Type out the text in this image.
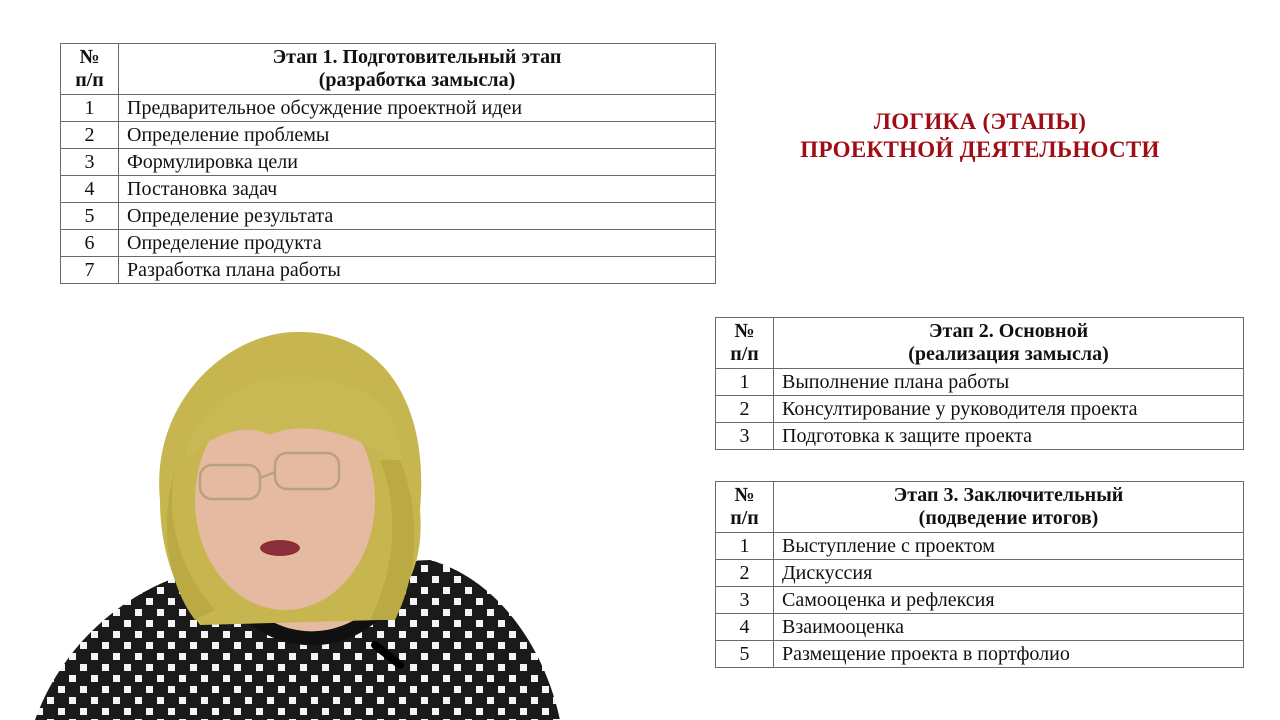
№
п/п	Этап 1. Подготовительный этап
(разработка замысла)

1	Предварительное обсуждение проектной идеи
2	Определение проблемы
3	Формулировка цели
4	Постановка задач
5	Определение результата
6	Определение продукта
7	Разработка плана работы
ЛОГИКА (ЭТАПЫ)
ПРОЕКТНОЙ ДЕЯТЕЛЬНОСТИ
№
п/п	Этап 2. Основной
(реализация замысла)

1	Выполнение плана работы
2	Консултирование у руководителя проекта
3	Подготовка к защите проекта
№
п/п	Этап 3. Заключительный
(подведение итогов)

1	Выступление с проектом
2	Дискуссия
3	Самооценка и рефлексия
4	Взаимооценка
5	Размещение проекта в портфолио
